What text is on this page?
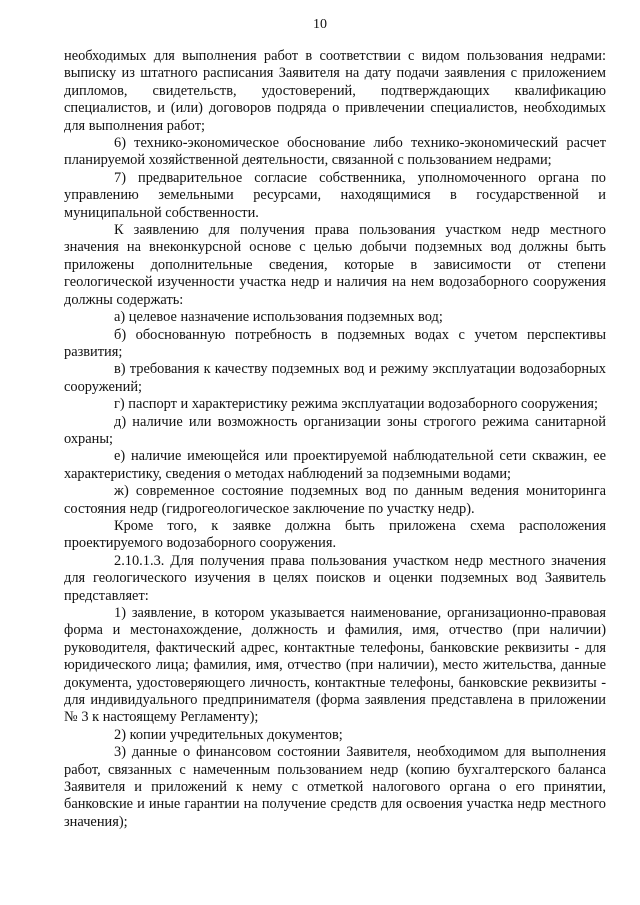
10

необходимых для выполнения работ в соответствии с видом пользования недрами: выписку из штатного расписания Заявителя на дату подачи заявления с приложением дипломов, свидетельств, удостоверений, подтверждающих квалификацию специалистов, и (или) договоров подряда о привлечении специалистов, необходимых для выполнения работ;

6) технико-экономическое обоснование либо технико-экономический расчет планируемой хозяйственной деятельности, связанной с пользованием недрами;

7) предварительное согласие собственника, уполномоченного органа по управлению земельными ресурсами, находящимися в государственной и муниципальной собственности.

К заявлению для получения права пользования участком недр местного значения на внеконкурсной основе с целью добычи подземных вод должны быть приложены дополнительные сведения, которые в зависимости от степени геологической изученности участка недр и наличия на нем водозаборного сооружения должны содержать:

а) целевое назначение использования подземных вод;

б) обоснованную потребность в подземных водах с учетом перспективы развития;

в) требования к качеству подземных вод и режиму эксплуатации водозаборных сооружений;

г) паспорт и характеристику режима эксплуатации водозаборного сооружения;

д) наличие или возможность организации зоны строгого режима санитарной охраны;

е) наличие имеющейся или проектируемой наблюдательной сети скважин, ее характеристику, сведения о методах наблюдений за подземными водами;

ж) современное состояние подземных вод по данным ведения мониторинга состояния недр (гидрогеологическое заключение по участку недр).

Кроме того, к заявке должна быть приложена схема расположения проектируемого водозаборного сооружения.

2.10.1.3. Для получения права пользования участком недр местного значения для геологического изучения в целях поисков и оценки подземных вод Заявитель представляет:

1) заявление, в котором указывается наименование, организационно-правовая форма и местонахождение, должность и фамилия, имя, отчество (при наличии) руководителя, фактический адрес, контактные телефоны, банковские реквизиты - для юридического лица; фамилия, имя, отчество (при наличии), место жительства, данные документа, удостоверяющего личность, контактные телефоны, банковские реквизиты - для индивидуального предпринимателя (форма заявления представлена в приложении № 3 к настоящему Регламенту);

2) копии учредительных документов;

3) данные о финансовом состоянии Заявителя, необходимом для выполнения работ, связанных с намеченным пользованием недр (копию бухгалтерского баланса Заявителя и приложений к нему с отметкой налогового органа о его принятии, банковские и иные гарантии на получение средств для освоения участка недр местного значения);
